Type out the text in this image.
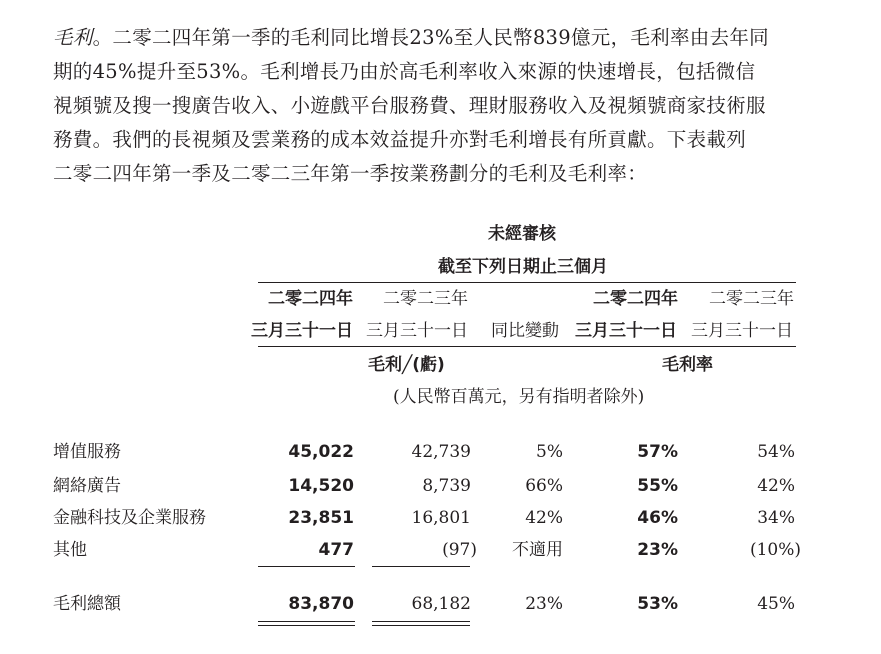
毛利。二零二四年第一季的毛利同比增長23%至人民幣839億元，毛利率由去年同
期的45%提升至53%。毛利增長乃由於高毛利率收入來源的快速增長，包括微信
視頻號及搜一搜廣告收入、小遊戲平台服務費、理財服務收入及視頻號商家技術服
務費。我們的長視頻及雲業務的成本效益提升亦對毛利增長有所貢獻。下表載列
二零二四年第一季及二零二三年第一季按業務劃分的毛利及毛利率：
未經審核
截至下列日期止三個月
二零二四年 二零二三年	二零二四年 二零二三年
三月三十一日 三月三十一日 同比變動 三月三十一日 三月三十一日
毛利╱(虧)	毛利率
(人民幣百萬元，另有指明者除外)
增值服務	45,022	42,739	5%	57%	54%
網絡廣告	14,520	8,739	66%	55%	42%
金融科技及企業服務	23,851	16,801	42%	46%	34%
其他	477	(97) 不適用	23%	(10%)
毛利總額	83,870	68,182	23%	53%	45%
